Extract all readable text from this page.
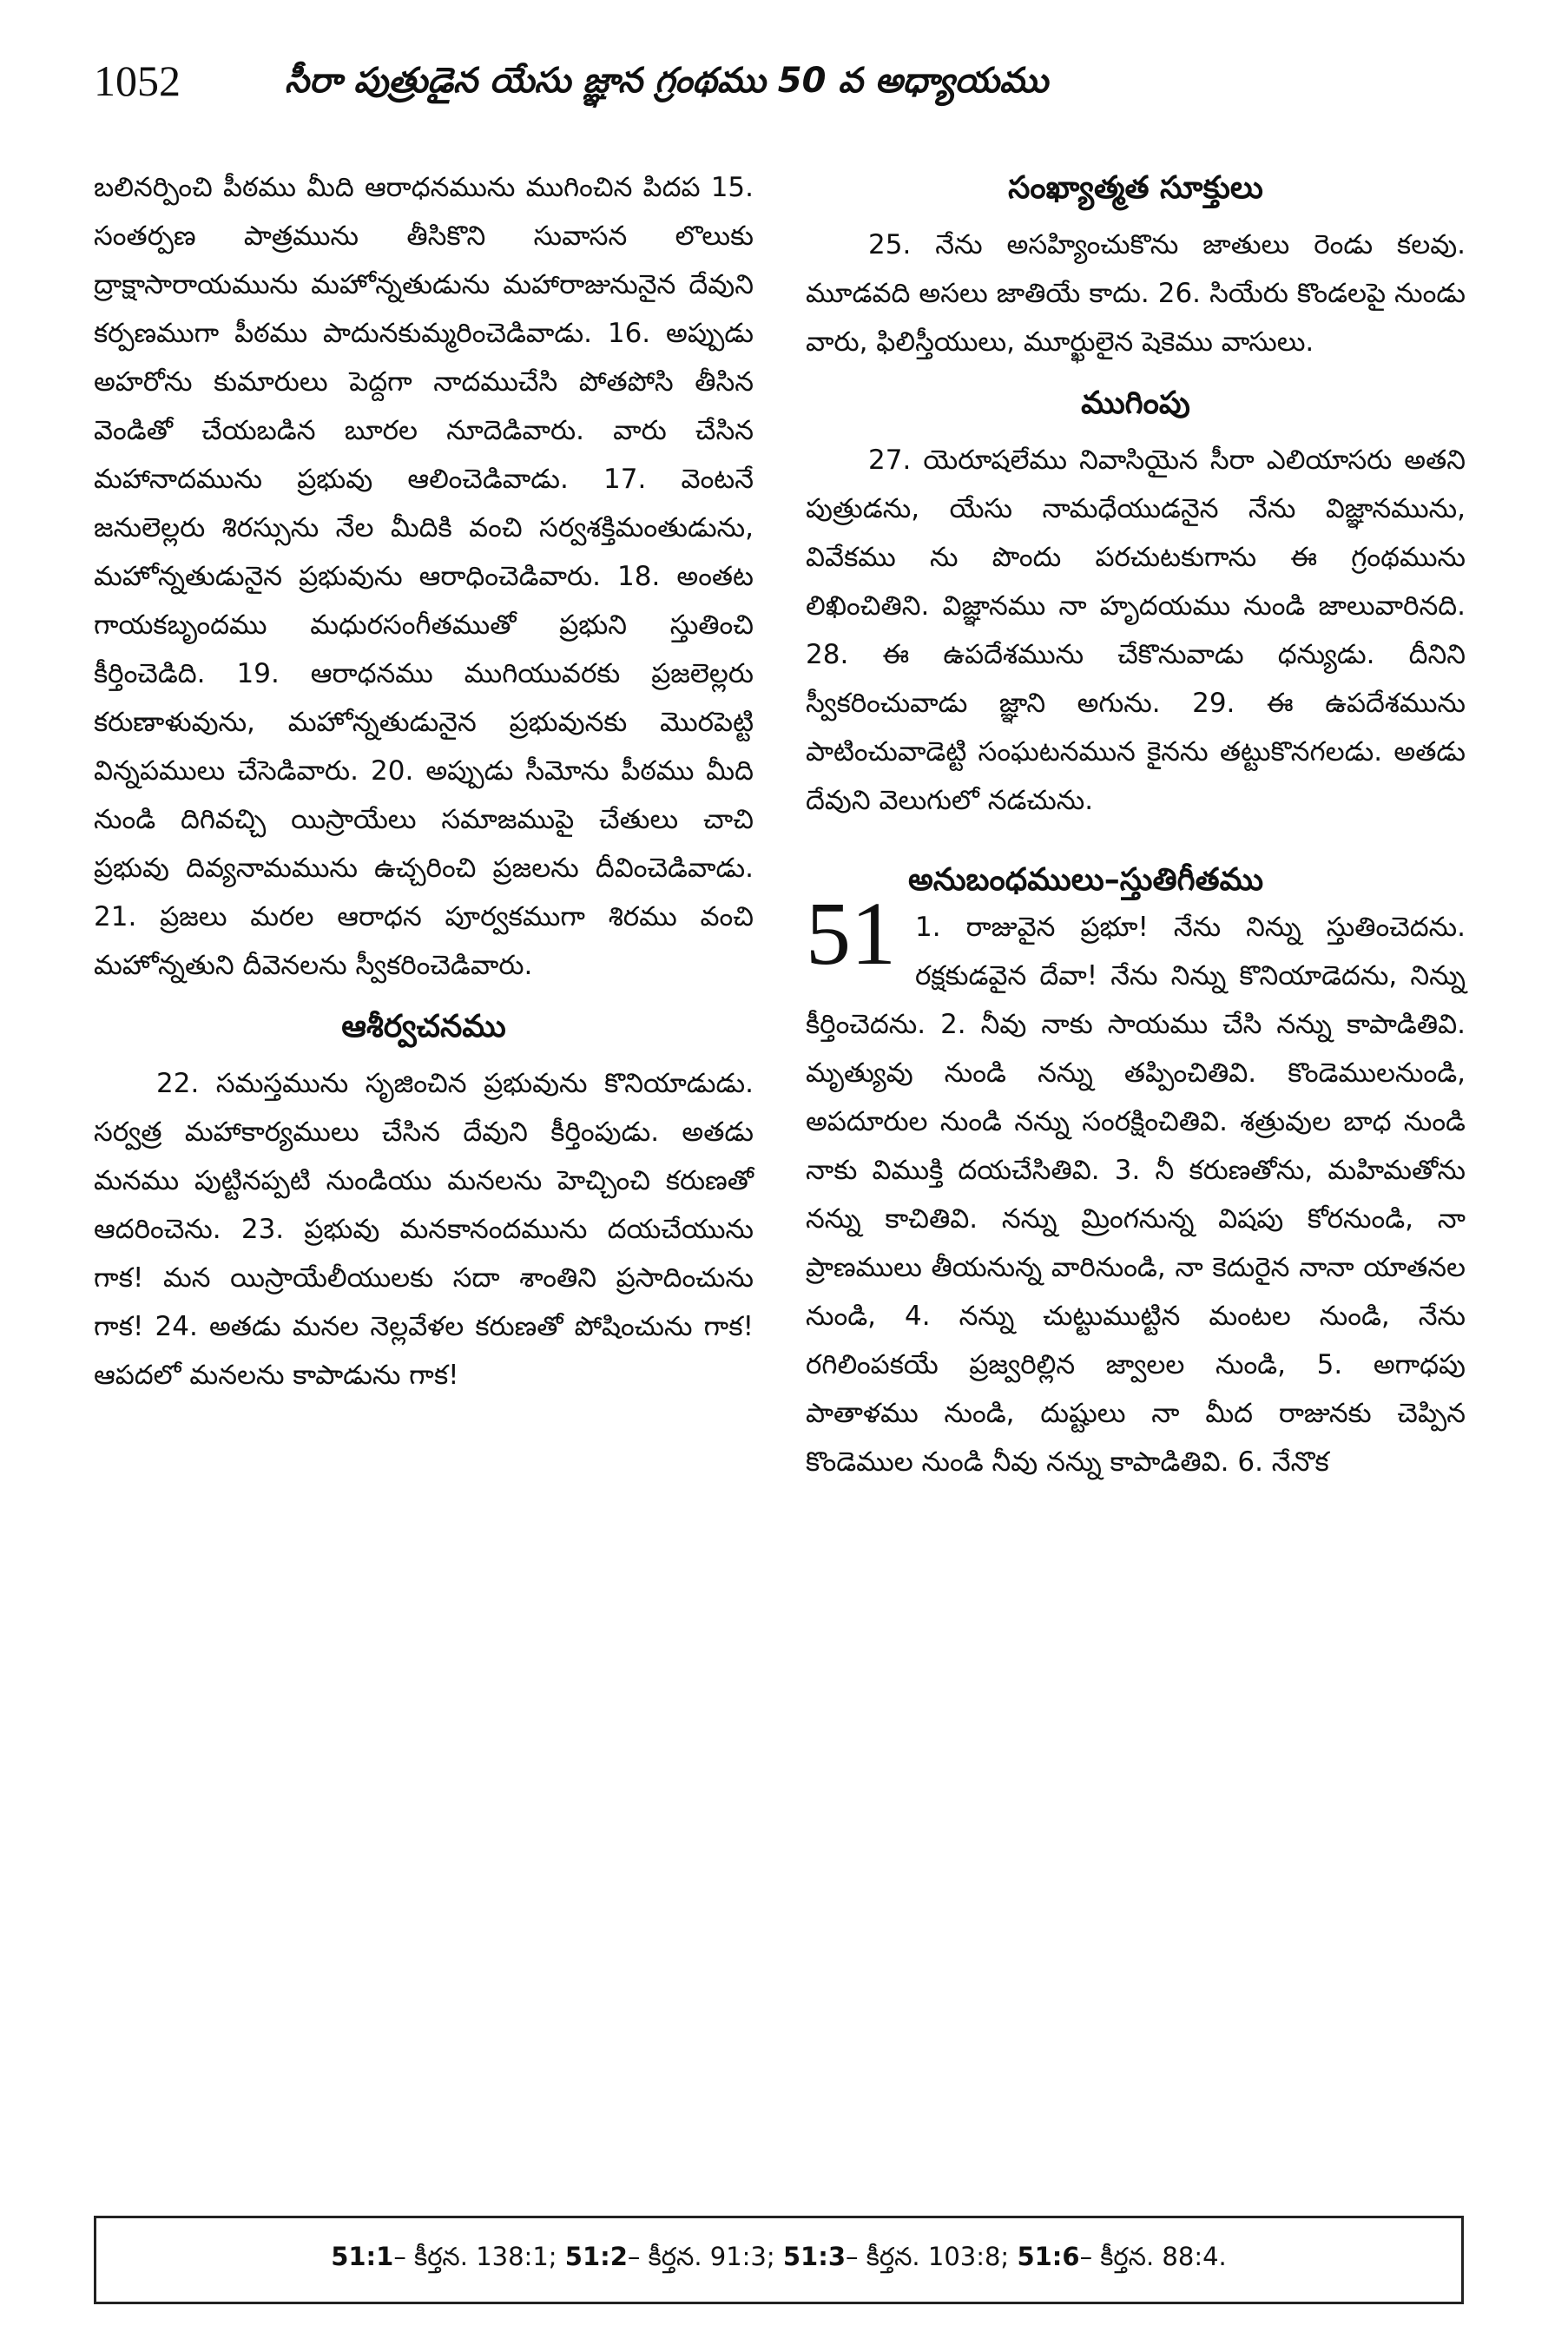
1052	సీరా పుత్రుడైన యేసు జ్ఞాన గ్రంథము 50 వ అధ్యాయము

బలినర్పించి పీఠము మీది ఆరాధనమును ముగించిన పిదప 15. సంతర్పణ పాత్రమును తీసికొని సువాసన లొలుకు ద్రాక్షాసారాయమును మహోన్నతుడును మహారాజునునైన దేవుని కర్పణముగా పీఠము పాదునకుమ్మరించెడివాడు. 16. అప్పుడు అహరోను కుమారులు పెద్దగా నాదముచేసి పోతపోసి తీసిన వెండితో చేయబడిన బూరల నూదెడివారు. వారు చేసిన మహానాదమును ప్రభువు ఆలించెడివాడు. 17. వెంటనే జనులెల్లరు శిరస్సును నేల మీదికి వంచి సర్వశక్తిమంతుడును, మహోన్నతుడునైన ప్రభువును ఆరాధించెడివారు. 18. అంతట గాయకబృందము మధురసంగీతముతో ప్రభుని స్తుతించి కీర్తించెడిది. 19. ఆరాధనము ముగియువరకు ప్రజలెల్లరు కరుణాళువును, మహోన్నతుడునైన ప్రభువునకు మొరపెట్టి విన్నపములు చేసెడివారు. 20. అప్పుడు సీమోను పీఠము మీది నుండి దిగివచ్చి యిస్రాయేలు సమాజముపై చేతులు చాచి ప్రభువు దివ్యనామమును ఉచ్చరించి ప్రజలను దీవించెడివాడు. 21. ప్రజలు మరల ఆరాధన పూర్వకముగా శిరము వంచి మహోన్నతుని దీవెనలను స్వీకరించెడివారు.

ఆశీర్వచనము

22. సమస్తమును సృజించిన ప్రభువును కొనియాడుడు. సర్వత్ర మహాకార్యములు చేసిన దేవుని కీర్తింపుడు. అతడు మనము పుట్టినప్పటి నుండియు మనలను హెచ్చించి కరుణతో ఆదరించెను. 23. ప్రభువు మనకానందమును దయచేయును గాక! మన యిస్రాయేలీయులకు సదా శాంతిని ప్రసాదించును గాక! 24. అతడు మనల నెల్లవేళల కరుణతో పోషించును గాక! ఆపదలో మనలను కాపాడును గాక!

సంఖ్యాత్మత సూక్తులు

25. నేను అసహ్యించుకొను జాతులు రెండు కలవు. మూడవది అసలు జాతియే కాదు. 26. సియేరు కొండలపై నుండు వారు, ఫిలిస్తీయులు, మూర్ఖులైన షెకెము వాసులు.

ముగింపు

27. యెరూషలేము నివాసియైన సీరా ఎలియాసరు అతని పుత్రుడను, యేసు నామధేయుడనైన నేను విజ్ఞానమును, వివేకము ను పొందు పరచుటకుగాను ఈ గ్రంథమును లిఖించితిని. విజ్ఞానము నా హృదయము నుండి జాలువారినది. 28. ఈ ఉపదేశమును చేకొనువాడు ధన్యుడు. దీనిని స్వీకరించువాడు జ్ఞాని అగును. 29. ఈ ఉపదేశమును పాటించువాడెట్టి సంఘటనమున కైనను తట్టుకొనగలడు. అతడు దేవుని వెలుగులో నడచును.

అనుబంధములు–స్తుతిగీతము
51 1. రాజువైన ప్రభూ! నేను నిన్ను స్తుతించెదను. రక్షకుడవైన దేవా! నేను నిన్ను కొనియాడెదను, నిన్ను కీర్తించెదను. 2. నీవు నాకు సాయము చేసి నన్ను కాపాడితివి. మృత్యువు నుండి నన్ను తప్పించితివి. కొండెములనుండి, అపదూరుల నుండి నన్ను సంరక్షించితివి. శత్రువుల బాధ నుండి నాకు విముక్తి దయచేసితివి. 3. నీ కరుణతోను, మహిమతోను నన్ను కాచితివి. నన్ను మ్రింగనున్న విషపు కోరనుండి, నా ప్రాణములు తీయనున్న వారినుండి, నా కెదురైన నానా యాతనల నుండి, 4. నన్ను చుట్టుముట్టిన మంటల నుండి, నేను రగిలింపకయే ప్రజ్వరిల్లిన జ్వాలల నుండి, 5. అగాధపు పాతాళము నుండి, దుష్టులు నా మీద రాజునకు చెప్పిన కొండెముల నుండి నీవు నన్ను కాపాడితివి. 6. నేనొక

51:1– కీర్తన. 138:1; 51:2– కీర్తన. 91:3; 51:3– కీర్తన. 103:8; 51:6– కీర్తన. 88:4.
